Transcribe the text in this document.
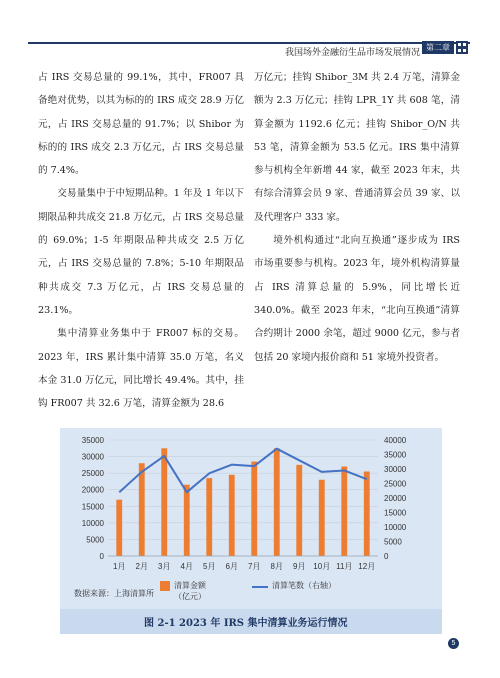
我国场外金融衍生品市场发展情况
第二章

占 IRS 交易总量的 99.1%，其中，FR007 具备绝对优势，以其为标的的 IRS 成交 28.9 万亿元，占 IRS 交易总量的 91.7%；以 Shibor 为标的的 IRS 成交 2.3 万亿元，占 IRS 交易总量的 7.4%。

交易量集中于中短期品种。1 年及 1 年以下期限品种共成交 21.8 万亿元，占 IRS 交易总量的 69.0%；1-5 年期限品种共成交 2.5 万亿元，占 IRS 交易总量的 7.8%；5-10 年期限品种共成交 7.3 万亿元，占 IRS 交易总量的 23.1%。

集中清算业务集中于 FR007 标的交易。2023 年，IRS 累计集中清算 35.0 万笔，名义本金 31.0 万亿元，同比增长 49.4%。其中，挂钩 FR007 共 32.6 万笔，清算金额为 28.6

万亿元；挂钩 Shibor_3M 共 2.4 万笔，清算金额为 2.3 万亿元；挂钩 LPR_1Y 共 608 笔，清算金额为 1192.6 亿元；挂钩 Shibor_O/N 共 53 笔，清算金额为 53.5 亿元。IRS 集中清算参与机构全年新增 44 家，截至 2023 年末，共有综合清算会员 9 家、普通清算会员 39 家、以及代理客户 333 家。

境外机构通过“北向互换通”逐步成为 IRS 市场重要参与机构。2023 年，境外机构清算量占 IRS 清算总量的 5.9%，同比增长近 340.0%。截至 2023 年末，“北向互换通”清算合约期计 2000 余笔，超过 9000 亿元，参与者包括 20 家境内报价商和 51 家境外投资者。

0
5000
10000
15000
20000
25000
30000
35000
0
5000
10000
15000
20000
25000
30000
35000
40000
1月 2月 3月 4月 5月 6月 7月 8月 9月 10月 11月 12月
清算金额
（亿元）
清算笔数（右轴）
数据来源：上海清算所
图 2-1 2023 年 IRS 集中清算业务运行情况
5
